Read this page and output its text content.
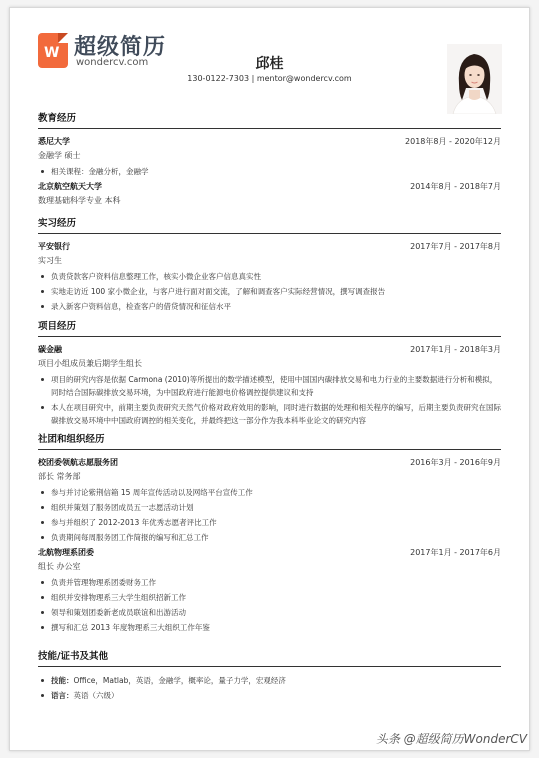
W 超级简历
wondercv.com	邱桂
130-0122-7303 | mentor@wondercv.com
教育经历
悉尼大学	2018年8月 - 2020年12月
金融学 硕士
相关课程：金融分析，金融学
北京航空航天大学	2014年8月 - 2018年7月
数理基础科学专业 本科
实习经历
平安银行	2017年7月 - 2017年8月
实习生
负责贷款客户资料信息整理工作，核实小微企业客户信息真实性
实地走访近 100 家小微企业，与客户进行面对面交流，了解和调查客户实际经营情况，撰写调查报告
录入新客户资料信息，检查客户的借贷情况和征信水平
项目经历
碳金融	2017年1月 - 2018年3月
项目小组成员兼后期学生组长
项目的研究内容是依据 Carmona (2010)等所提出的数学描述模型，使用中国国内碳排放交易和电力行业的主要数据进行分析和模拟，同时结合国际碳排放交易环境，为中国政府进行能源电价格调控提供建议和支持
本人在项目研究中，前期主要负责研究天然气价格对政府效用的影响，同时进行数据的处理和相关程序的编写，后期主要负责研究在国际碳排放交易环境中中国政府调控的相关变化，并最终把这一部分作为我本科毕业论文的研究内容
社团和组织经历
校团委领航志愿服务团	2016年3月 - 2016年9月
部长 常务部
参与并讨论紫荆信箱 15 周年宣传活动以及网络平台宣传工作
组织并策划了服务团成员五一志愿活动计划
参与并组织了 2012-2013 年优秀志愿者评比工作
负责期间每周服务团工作简报的编写和汇总工作
北航物理系团委	2017年1月 - 2017年6月
组长 办公室
负责并管理物理系团委财务工作
组织并安排物理系三大学生组织招新工作
领导和策划团委新老成员联谊和出游活动
撰写和汇总 2013 年度物理系三大组织工作年鉴
技能/证书及其他
技能：Office，Matlab，英语，金融学，概率论，量子力学，宏观经济
语言：英语（六级）
头条 @超级简历WonderCV
